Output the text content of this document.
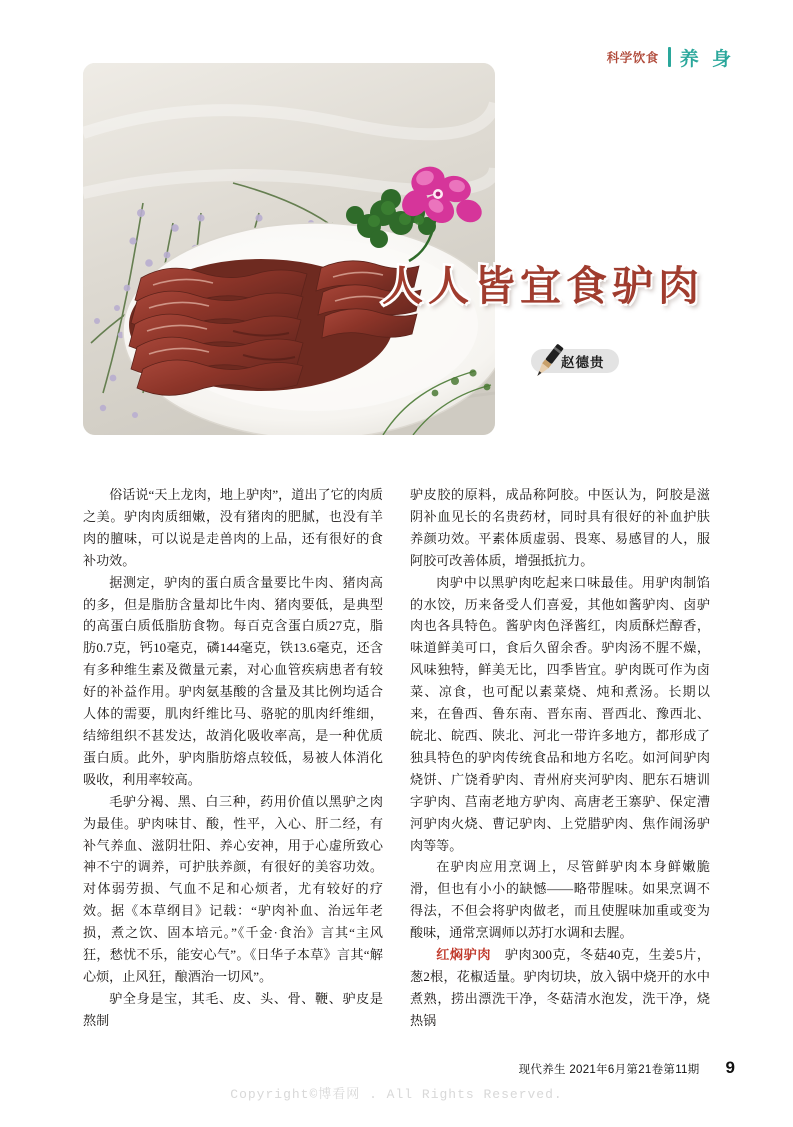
科学饮食 养 身
人人皆宜食驴肉
赵德贵

俗话说“天上龙肉，地上驴肉”，道出了它的肉质之美。驴肉肉质细嫩，没有猪肉的肥腻，也没有羊肉的膻味，可以说是走兽肉的上品，还有很好的食补功效。

据测定，驴肉的蛋白质含量要比牛肉、猪肉高的多，但是脂肪含量却比牛肉、猪肉要低，是典型的高蛋白质低脂肪食物。每百克含蛋白质27克，脂肪0.7克，钙10毫克，磷144毫克，铁13.6毫克，还含有多种维生素及微量元素，对心血管疾病患者有较好的补益作用。驴肉氨基酸的含量及其比例均适合人体的需要，肌肉纤维比马、骆驼的肌肉纤维细，结缔组织不甚发达，故消化吸收率高，是一种优质蛋白质。此外，驴肉脂肪熔点较低，易被人体消化吸收，利用率较高。

毛驴分褐、黑、白三种，药用价值以黑驴之肉为最佳。驴肉味甘、酸，性平，入心、肝二经，有补气养血、滋阴壮阳、养心安神，用于心虚所致心神不宁的调养，可护肤养颜，有很好的美容功效。对体弱劳损、气血不足和心烦者，尤有较好的疗效。据《本草纲目》记载：“驴肉补血、治远年老损，煮之饮、固本培元。”《千金·食治》言其“主风狂，愁忧不乐，能安心气”。《日华子本草》言其“解心烦，止风狂，酿酒治一切风”。

驴全身是宝，其毛、皮、头、骨、鞭、驴皮是熬制

驴皮胶的原料，成品称阿胶。中医认为，阿胶是滋阴补血见长的名贵药材，同时具有很好的补血护肤养颜功效。平素体质虚弱、畏寒、易感冒的人，服阿胶可改善体质，增强抵抗力。

肉驴中以黑驴肉吃起来口味最佳。用驴肉制馅的水饺，历来备受人们喜爱，其他如酱驴肉、卤驴肉也各具特色。酱驴肉色泽酱红，肉质酥烂醇香，味道鲜美可口，食后久留余香。驴肉汤不腥不燥，风味独特，鲜美无比，四季皆宜。驴肉既可作为卤菜、凉食，也可配以素菜烧、炖和煮汤。长期以来，在鲁西、鲁东南、晋东南、晋西北、豫西北、皖北、皖西、陕北、河北一带许多地方，都形成了独具特色的驴肉传统食品和地方名吃。如河间驴肉烧饼、广饶肴驴肉、青州府夹河驴肉、肥东石塘训字驴肉、莒南老地方驴肉、高唐老王寨驴、保定漕河驴肉火烧、曹记驴肉、上党腊驴肉、焦作闹汤驴肉等等。

在驴肉应用烹调上，尽管鲜驴肉本身鲜嫩脆滑，但也有小小的缺憾——略带腥味。如果烹调不得法，不但会将驴肉做老，而且使腥味加重或变为酸味，通常烹调师以苏打水调和去腥。

红焖驴肉　 驴肉300克，冬菇40克，生姜5片，葱2根，花椒适量。驴肉切块，放入锅中烧开的水中煮熟，捞出漂洗干净，冬菇清水泡发，洗干净，烧热锅

现代养生 2021年6月第21卷第11期 9
Copyright©博看网 . All Rights Reserved.
